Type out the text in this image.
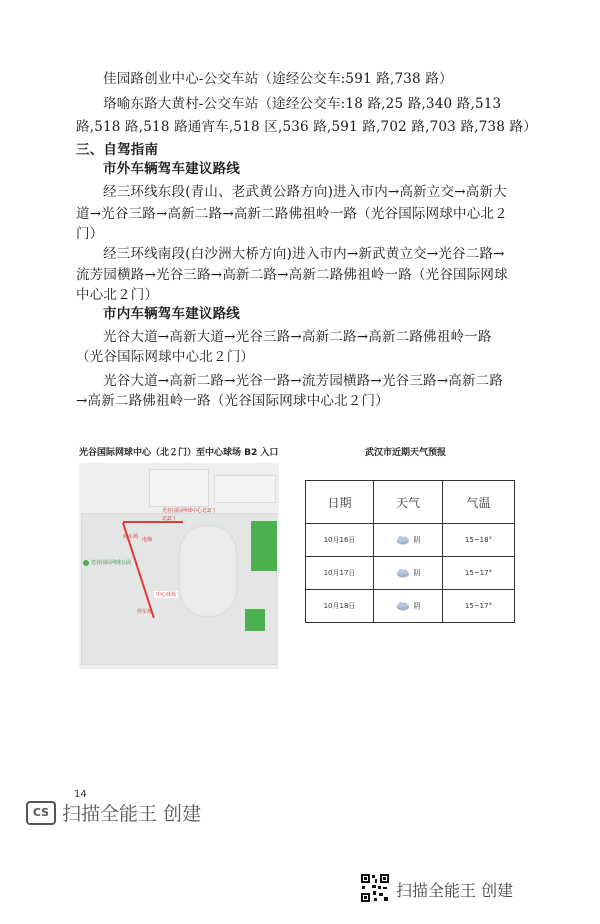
佳园路创业中心-公交车站（途经公交车:591 路,738 路）
珞喻东路大黄村-公交车站（途经公交车:18 路,25 路,340 路,513
路,518 路,518 路通宵车,518 区,536 路,591 路,702 路,703 路,738 路）
三、自驾指南
市外车辆驾车建议路线
经三环线东段(青山、老武黄公路方向)进入市内→高新立交→高新大
道→光谷三路→高新二路→高新二路佛祖岭一路（光谷国际网球中心北２
门）
经三环线南段(白沙洲大桥方向)进入市内→新武黄立交→光谷二路→
流芳园横路→光谷三路→高新二路→高新二路佛祖岭一路（光谷国际网球
中心北２门）
市内车辆驾车建议路线
光谷大道→高新大道→光谷三路→高新二路→高新二路佛祖岭一路
（光谷国际网球中心北２门）
光谷大道→高新二路→光谷一路→流芳园横路→光谷三路→高新二路
→高新二路佛祖岭一路（光谷国际网球中心北２门）
光谷国际网球中心（北２门）至中心球场 B2 入口
光谷国际网球中心北2门
北2门
停车场 电梯
中心球场
停车场
光谷国际网球公园
武汉市近期天气预报
日期	天气	气温
10月16日	阴	15~18°
10月17日	阴	15~17°
10月18日	阴	15~17°
14
CS 扫描全能王 创建
扫描全能王 创建
